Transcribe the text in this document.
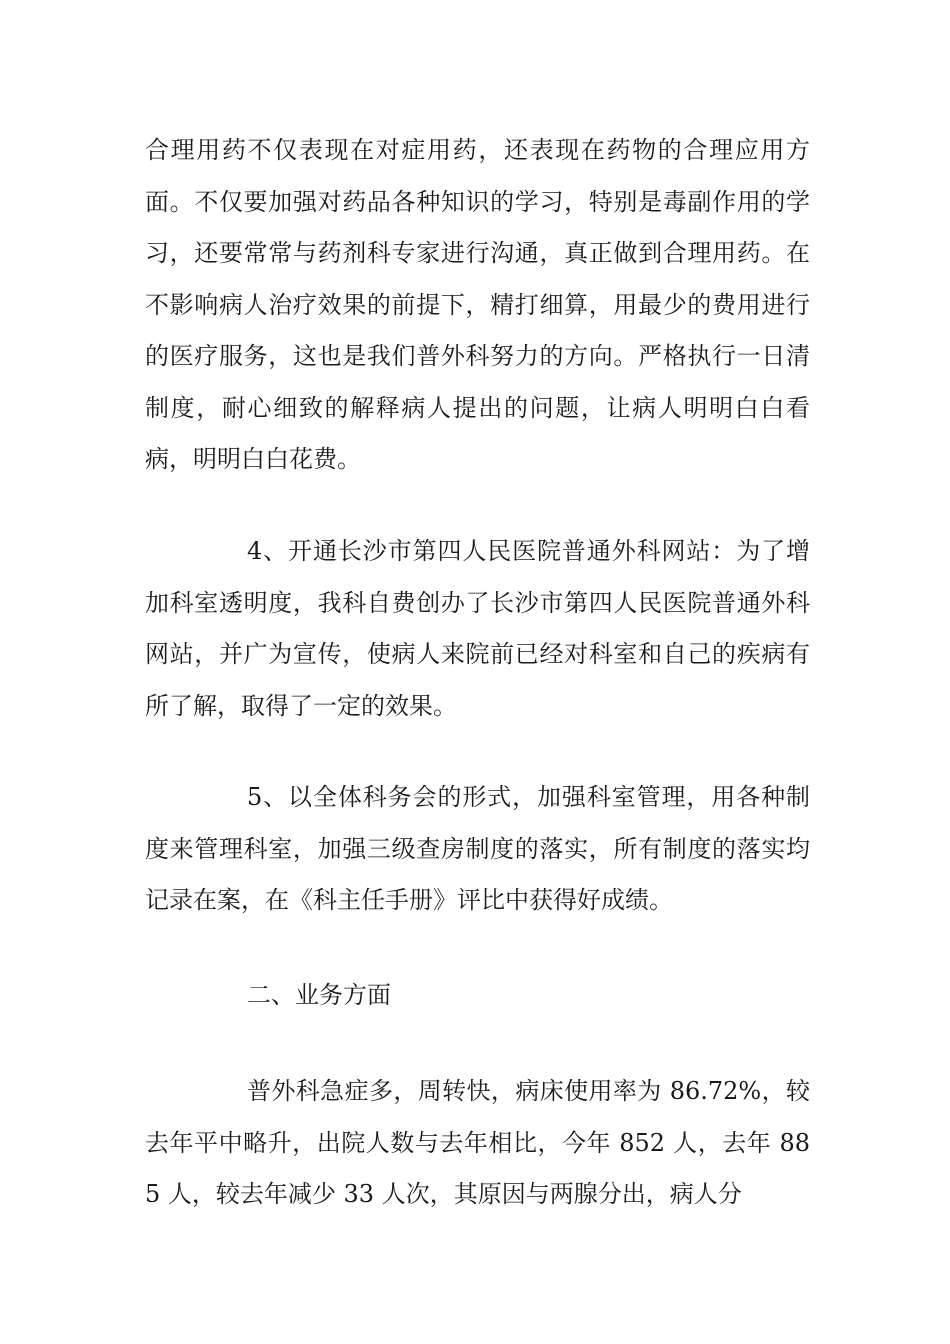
合理用药不仅表现在对症用药，还表现在药物的合理应用方面。不仅要加强对药品各种知识的学习，特别是毒副作用的学习，还要常常与药剂科专家进行沟通，真正做到合理用药。在不影响病人治疗效果的前提下，精打细算，用最少的费用进行的医疗服务，这也是我们普外科努力的方向。严格执行一日清制度，耐心细致的解释病人提出的问题，让病人明明白白看病，明明白白花费。

4、开通长沙市第四人民医院普通外科网站：为了增加科室透明度，我科自费创办了长沙市第四人民医院普通外科网站，并广为宣传，使病人来院前已经对科室和自己的疾病有所了解，取得了一定的效果。

5、以全体科务会的形式，加强科室管理，用各种制度来管理科室，加强三级查房制度的落实，所有制度的落实均记录在案，在《科主任手册》评比中获得好成绩。

二、业务方面

普外科急症多，周转快，病床使用率为 86.72%，较去年平中略升，出院人数与去年相比，今年 852 人，去年 885 人，较去年减少 33 人次，其原因与两腺分出，病人分
